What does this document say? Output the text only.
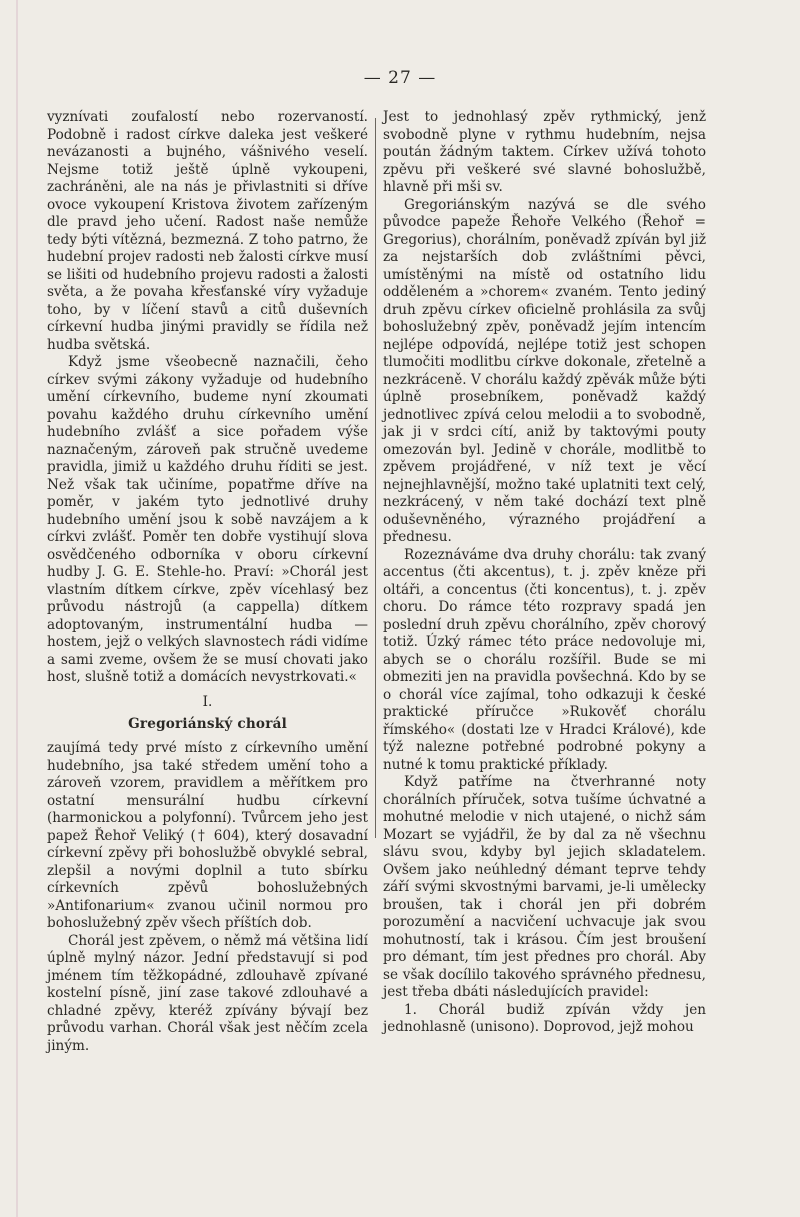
— 27 —

vyznívati zoufalostí nebo rozervaností. Podobně i radost církve daleka jest veškeré nevázanosti a bujného, vášnivého veselí. Nejsme totiž ještě úplně vykoupeni, zachráněni, ale na nás je přivlastniti si dříve ovoce vykoupení Kristova životem zařízeným dle pravd jeho učení. Radost naše nemůže tedy býti vítězná, bezmezná. Z toho patrno, že hudební projev radosti neb žalosti církve musí se lišiti od hudebního projevu radosti a žalosti světa, a že povaha křesťanské víry vyžaduje toho, by v líčení stavů a citů duševních církevní hudba jinými pravidly se řídila než hudba světská.

Když jsme všeobecně naznačili, čeho církev svými zákony vyžaduje od hudebního umění církevního, budeme nyní zkoumati povahu každého druhu církevního umění hudebního zvlášť a sice pořadem výše naznačeným, zároveň pak stručně uvedeme pravidla, jimiž u každého druhu říditi se jest. Než však tak učiníme, popatřme dříve na poměr, v jakém tyto jednotlivé druhy hudebního umění jsou k sobě navzájem a k církvi zvlášť. Poměr ten dobře vystihují slova osvědčeného odborníka v oboru církevní hudby J. G. E. Stehle-ho. Praví: »Chorál jest vlastním dítkem církve, zpěv vícehlasý bez průvodu nástrojů (a cappella) dítkem adoptovaným, instrumentální hudba — hostem, jejž o velkých slavnostech rádi vidíme a sami zveme, ovšem že se musí chovati jako host, slušně totiž a domácích nevystrkovati.«

I.
Gregoriánský chorál

zaujímá tedy prvé místo z církevního umění hudebního, jsa také středem umění toho a zároveň vzorem, pravidlem a měřítkem pro ostatní mensurální hudbu církevní (harmonickou a polyfonní). Tvůrcem jeho jest papež Řehoř Veliký († 604), který dosavadní církevní zpěvy při bohoslužbě obvyklé sebral, zlepšil a novými doplnil a tuto sbírku církevních zpěvů bohoslužebných »Antifonarium« zvanou učinil normou pro bohoslužebný zpěv všech příštích dob.

Chorál jest zpěvem, o němž má většina lidí úplně mylný názor. Jední představují si pod jménem tím těžkopádné, zdlouhavě zpívané kostelní písně, jiní zase takové zdlouhavé a chladné zpěvy, kteréž zpívány bývají bez průvodu varhan. Chorál však jest něčím zcela jiným.

Jest to jednohlasý zpěv rythmický, jenž svobodně plyne v rythmu hudebním, nejsa poután žádným taktem. Církev užívá tohoto zpěvu při veškeré své slavné bohoslužbě, hlavně při mši sv.

Gregoriánským nazývá se dle svého původce papeže Řehoře Velkého (Řehoř = Gregorius), chorálním, poněvadž zpíván byl již za nejstarších dob zvláštními pěvci, umístěnými na místě od ostatního lidu odděleném a »chorem« zvaném. Tento jediný druh zpěvu církev oficielně prohlásila za svůj bohoslužebný zpěv, poněvadž jejím intencím nejlépe odpovídá, nejlépe totiž jest schopen tlumočiti modlitbu církve dokonale, zřetelně a nezkráceně. V chorálu každý zpěvák může býti úplně prosebníkem, poněvadž každý jednotlivec zpívá celou melodii a to svobodně, jak ji v srdci cítí, aniž by taktovými pouty omezován byl. Jedině v chorále, modlitbě to zpěvem projádřené, v níž text je věcí nejnejhlavnější, možno také uplatniti text celý, nezkrácený, v něm také dochází text plně oduševněného, výrazného projádření a přednesu.

Rozeznáváme dva druhy chorálu: tak zvaný accentus (čti akcentus), t. j. zpěv kněze při oltáři, a concentus (čti koncentus), t. j. zpěv choru. Do rámce této rozpravy spadá jen poslední druh zpěvu chorálního, zpěv chorový totiž. Úzký rámec této práce nedovoluje mi, abych se o chorálu rozšířil. Bude se mi obmeziti jen na pravidla povšechná. Kdo by se o chorál více zajímal, toho odkazuji k české praktické příručce »Rukověť chorálu římského« (dostati lze v Hradci Králové), kde týž nalezne potřebné podrobné pokyny a nutné k tomu praktické příklady.

Když patříme na čtverhranné noty chorálních příruček, sotva tušíme úchvatné a mohutné melodie v nich utajené, o nichž sám Mozart se vyjádřil, že by dal za ně všechnu slávu svou, kdyby byl jejich skladatelem. Ovšem jako neúhledný démant teprve tehdy září svými skvostnými barvami, je-li umělecky broušen, tak i chorál jen při dobrém porozumění a nacvičení uchvacuje jak svou mohutností, tak i krásou. Čím jest broušení pro démant, tím jest přednes pro chorál. Aby se však docílilo takového správného přednesu, jest třeba dbáti následujících pravidel:

1. Chorál budiž zpíván vždy jen jednohlasně (unisono). Doprovod, jejž mohou
